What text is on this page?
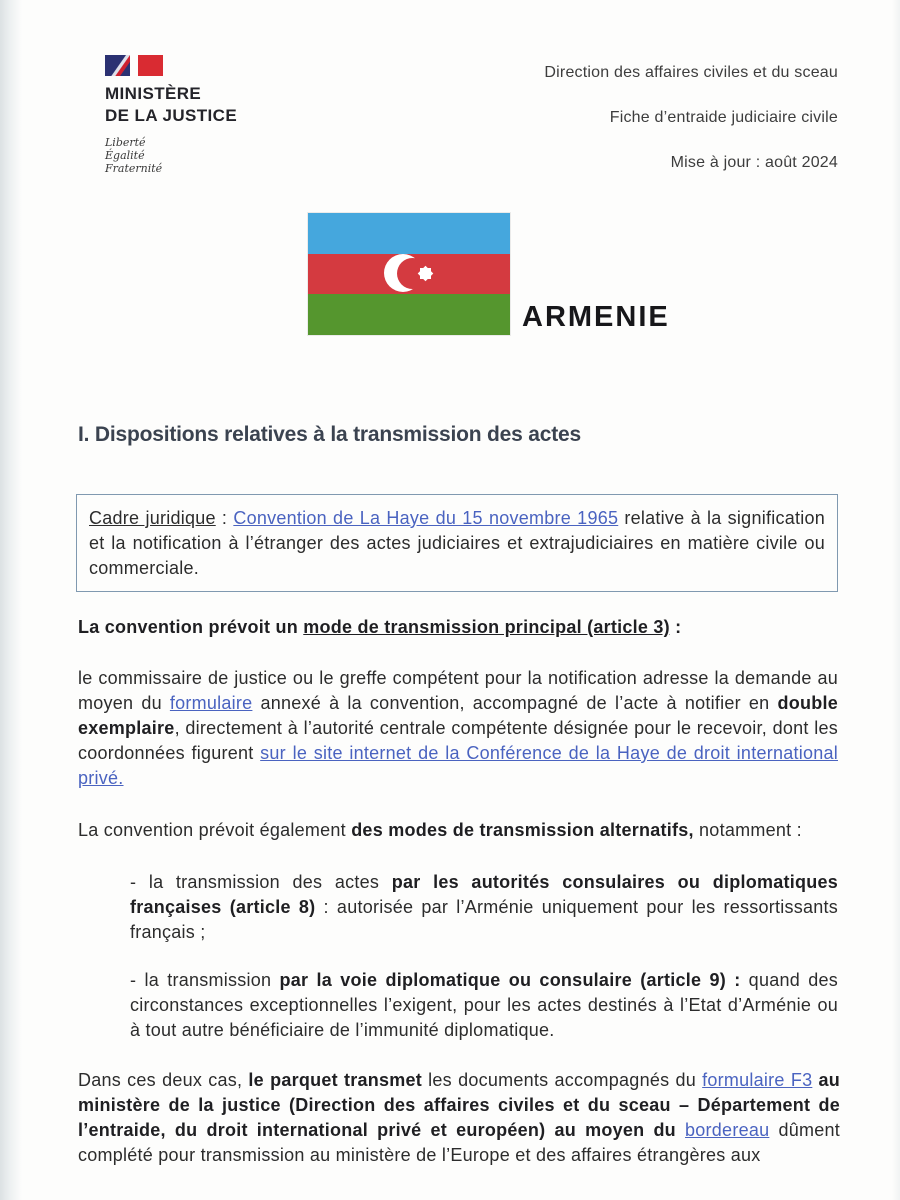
MINISTÈRE
DE LA JUSTICE
Liberté
Égalité
Fraternité
Direction des affaires civiles et du sceau
Fiche d’entraide judiciaire civile
Mise à jour : août 2024
ARMENIE
I. Dispositions relatives à la transmission des actes
Cadre juridique : Convention de La Haye du 15 novembre 1965 relative à la signification et la notification à l’étranger des actes judiciaires et extrajudiciaires en matière civile ou commerciale.
La convention prévoit un mode de transmission principal (article 3) :
le commissaire de justice ou le greffe compétent pour la notification adresse la demande au moyen du formulaire annexé à la convention, accompagné de l’acte à notifier en double exemplaire, directement à l’autorité centrale compétente désignée pour le recevoir, dont les coordonnées figurent sur le site internet de la Conférence de la Haye de droit international privé.
La convention prévoit également des modes de transmission alternatifs, notamment :
- la transmission des actes par les autorités consulaires ou diplomatiques françaises (article 8) : autorisée par l’Arménie uniquement pour les ressortissants français ;
- la transmission par la voie diplomatique ou consulaire (article 9) : quand des circonstances exceptionnelles l’exigent, pour les actes destinés à l’Etat d’Arménie ou à tout autre bénéficiaire de l’immunité diplomatique.
Dans ces deux cas, le parquet transmet les documents accompagnés du formulaire F3 au ministère de la justice (Direction des affaires civiles et du sceau – Département de l’entraide, du droit international privé et européen) au moyen du bordereau dûment complété pour transmission au ministère de l’Europe et des affaires étrangères aux
